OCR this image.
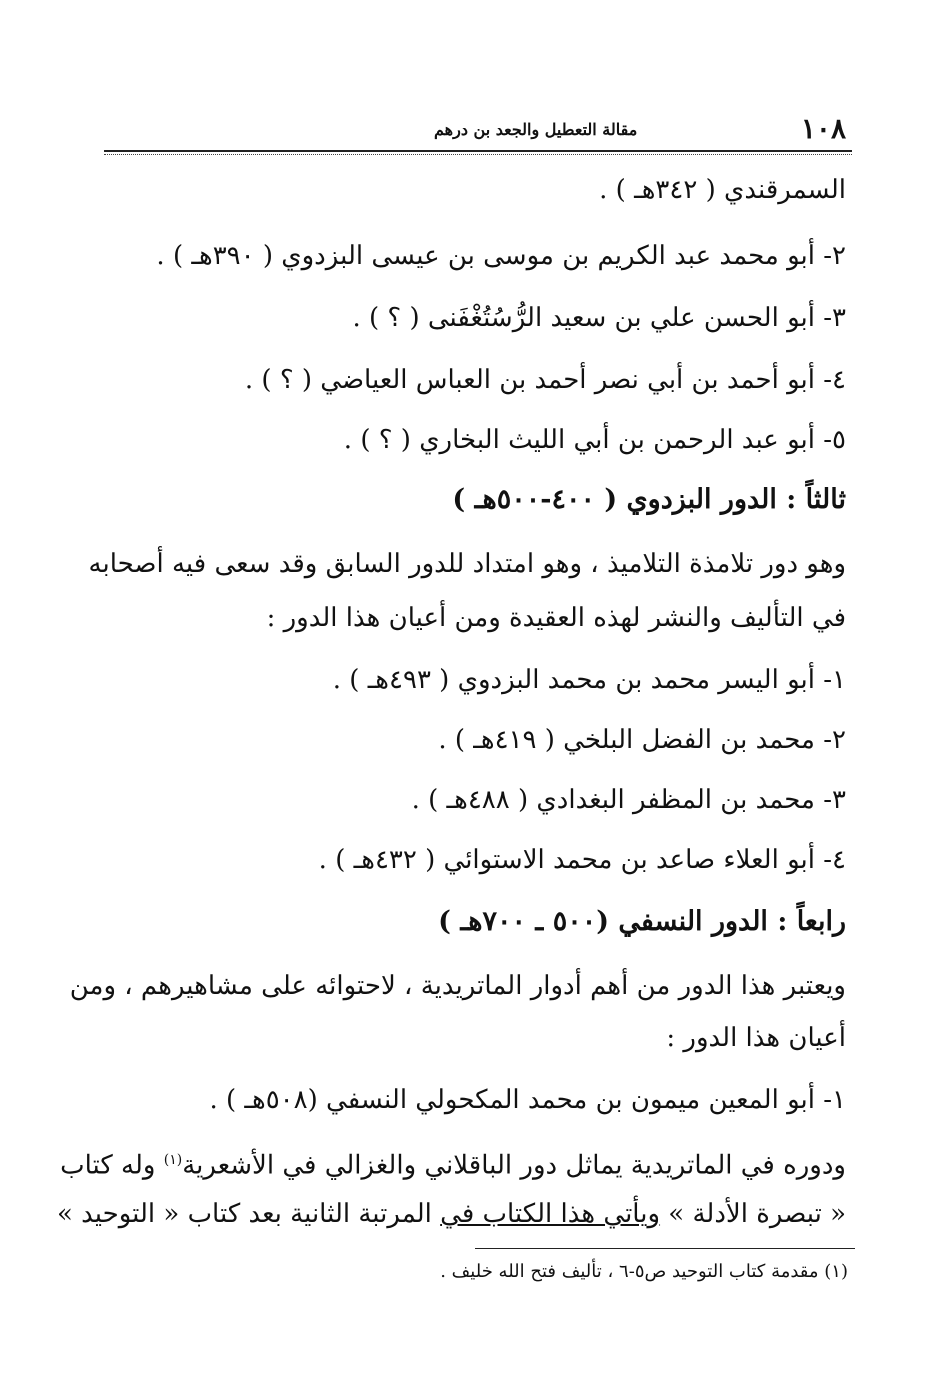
١٠٨
مقالة التعطيل والجعد بن درهم
السمرقندي ( ٣٤٢هـ ) .
٢- أبو محمد عبد الكريم بن موسى بن عيسى البزدوي ( ٣٩٠هـ ) .
٣- أبو الحسن علي بن سعيد الرُّسُتُغْفَنى ( ؟ ) .
٤- أبو أحمد بن أبي نصر أحمد بن العباس العياضي ( ؟ ) .
٥- أبو عبد الرحمن بن أبي الليث البخاري ( ؟ ) .
ثالثاً : الدور البزدوي ( ٤٠٠-٥٠٠هـ )
وهو دور تلامذة التلاميذ ، وهو امتداد للدور السابق وقد سعى فيه أصحابه
في التأليف والنشر لهذه العقيدة ومن أعيان هذا الدور :
١- أبو اليسر محمد بن محمد البزدوي ( ٤٩٣هـ ) .
٢- محمد بن الفضل البلخي ( ٤١٩هـ ) .
٣- محمد بن المظفر البغدادي ( ٤٨٨هـ ) .
٤- أبو العلاء صاعد بن محمد الاستوائي ( ٤٣٢هـ ) .
رابعاً : الدور النسفي (٥٠٠ ـ ٧٠٠هـ )
ويعتبر هذا الدور من أهم أدوار الماتريدية ، لاحتوائه على مشاهيرهم ، ومن
أعيان هذا الدور :
١- أبو المعين ميمون بن محمد المكحولي النسفي (٥٠٨هـ ) .
ودوره في الماتريدية يماثل دور الباقلاني والغزالي في الأشعرية$^{(١)}$ وله كتاب
« تبصرة الأدلة » ويأتي هذا الكتاب في المرتبة الثانية بعد كتاب « التوحيد »
(١) مقدمة كتاب التوحيد ص٥-٦ ، تأليف فتح الله خليف .
